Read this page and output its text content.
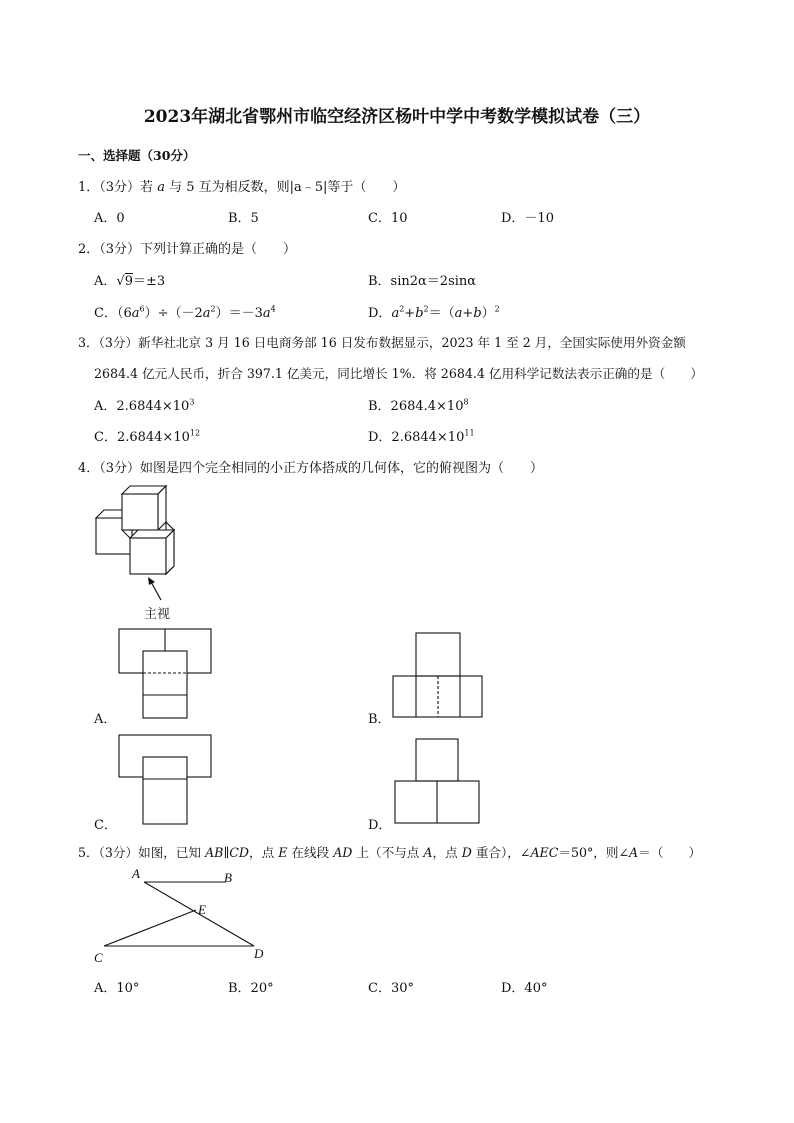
2023年湖北省鄂州市临空经济区杨叶中学中考数学模拟试卷（三）
一、选择题（30分）
1．（3分）若 a 与 5 互为相反数，则|a﹣5|等于（　　）
A．0	B．5	C．10	D．－10
2．（3分）下列计算正确的是（　　）
A．√9＝±3	B．sin2α＝2sinα
C．$(6a^6)\div(-2a^2)=-3a^4$	D．$a^2+b^2=(a+b)^2$
3．（3分）新华社北京 3 月 16 日电商务部 16 日发布数据显示，2023 年 1 至 2 月，全国实际使用外资金额
2684.4 亿元人民币，折合 397.1 亿美元，同比增长 1%．将 2684.4 亿用科学记数法表示正确的是（　　）
A．$2.6844\times 10^3$	B．$2684.4\times 10^8$
C．$2.6844\times 10^{12}$	D．$2.6844\times 10^{11}$
4．（3分）如图是四个完全相同的小正方体搭成的几何体，它的俯视图为（　　）
主视
A．	B．
C．	D．
5．（3分）如图，已知 AB∥CD，点 E 在线段 AD 上（不与点 A，点 D 重合），∠AEC＝50°，则∠A＝（　　）
A	B
E
C	D
A．10°	B．20°	C．30°	D．40°
